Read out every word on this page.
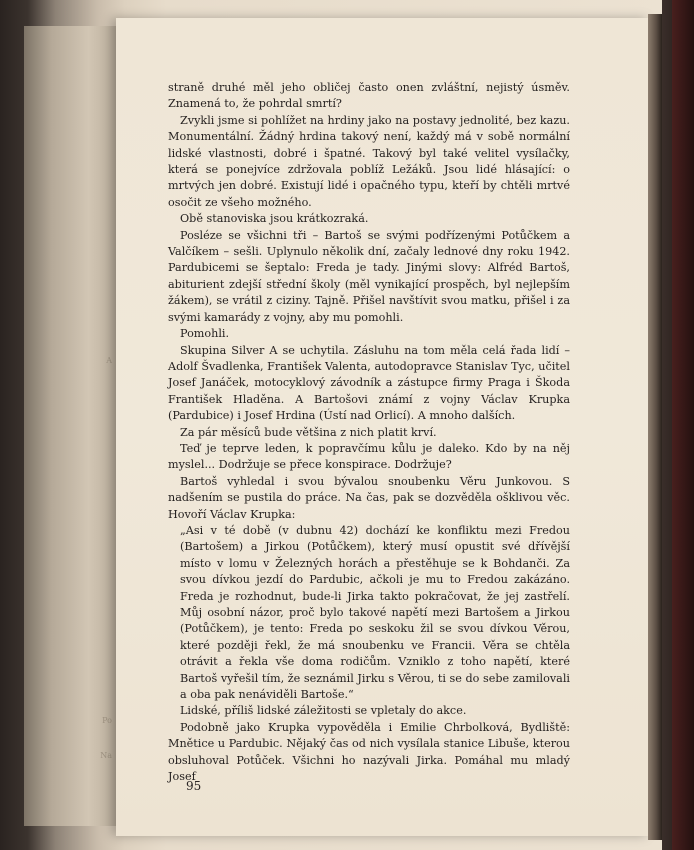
A
Po
Na

straně druhé měl jeho obličej často onen zvláštní, nejistý úsměv. Znamená to, že pohrdal smrtí?

Zvykli jsme si pohlížet na hrdiny jako na postavy jednolité, bez kazu. Monumentální. Žádný hrdina takový není, každý má v sobě normální lidské vlastnosti, dobré i špatné. Takový byl také velitel vysílačky, která se ponejvíce zdržovala poblíž Ležáků. Jsou lidé hlásající: o mrtvých jen dobré. Existují lidé i opačného typu, kteří by chtěli mrtvé osočit ze všeho možného.

Obě stanoviska jsou krátkozraká.

Posléze se všichni tři – Bartoš se svými podřízenými Potůčkem a Valčíkem – sešli. Uplynulo několik dní, začaly lednové dny roku 1942. Pardubicemi se šeptalo: Freda je tady. Jinými slovy: Alfréd Bartoš, abiturient zdejší střední školy (měl vynikající prospěch, byl nejlepším žákem), se vrátil z ciziny. Tajně. Přišel navštívit svou matku, přišel i za svými kamarády z vojny, aby mu pomohli.

Pomohli.

Skupina Silver A se uchytila. Zásluhu na tom měla celá řada lidí – Adolf Švadlenka, František Valenta, autodopravce Stanislav Tyc, učitel Josef Janáček, motocyklový závodník a zástupce firmy Praga i Škoda František Hladěna. A Bartošovi známí z vojny Václav Krupka (Pardubice) i Josef Hrdina (Ústí nad Orlicí). A mnoho dalších.

Za pár měsíců bude většina z nich platit krví.

Teď je teprve leden, k popravčímu kůlu je daleko. Kdo by na něj myslel... Dodržuje se přece konspirace. Dodržuje?

Bartoš vyhledal i svou bývalou snoubenku Věru Junkovou. S nadšením se pustila do práce. Na čas, pak se dozvěděla ošklivou věc. Hovoří Václav Krupka:

„Asi v té době (v dubnu 42) dochází ke konfliktu mezi Fredou (Bartošem) a Jirkou (Potůčkem), který musí opustit své dřívější místo v lomu v Železných horách a přestěhuje se k Bohdanči. Za svou dívkou jezdí do Pardubic, ačkoli je mu to Fredou zakázáno. Freda je rozhodnut, bude-li Jirka takto pokračovat, že jej zastřelí. Můj osobní názor, proč bylo takové napětí mezi Bartošem a Jirkou (Potůčkem), je tento: Freda po seskoku žil se svou dívkou Věrou, které později řekl, že má snoubenku ve Francii. Věra se chtěla otrávit a řekla vše doma rodičům. Vzniklo z toho napětí, které Bartoš vyřešil tím, že seznámil Jirku s Věrou, ti se do sebe zamilovali a oba pak nenáviděli Bartoše.“

Lidské, příliš lidské záležitosti se vpletaly do akce.

Podobně jako Krupka vypověděla i Emilie Chrbolková, Bydliště: Mněticе u Pardubic. Nějaký čas od nich vysílala stanice Libuše, kterou obsluhoval Potůček. Všichni ho nazývali Jirka. Pomáhal mu mladý Josef

95
